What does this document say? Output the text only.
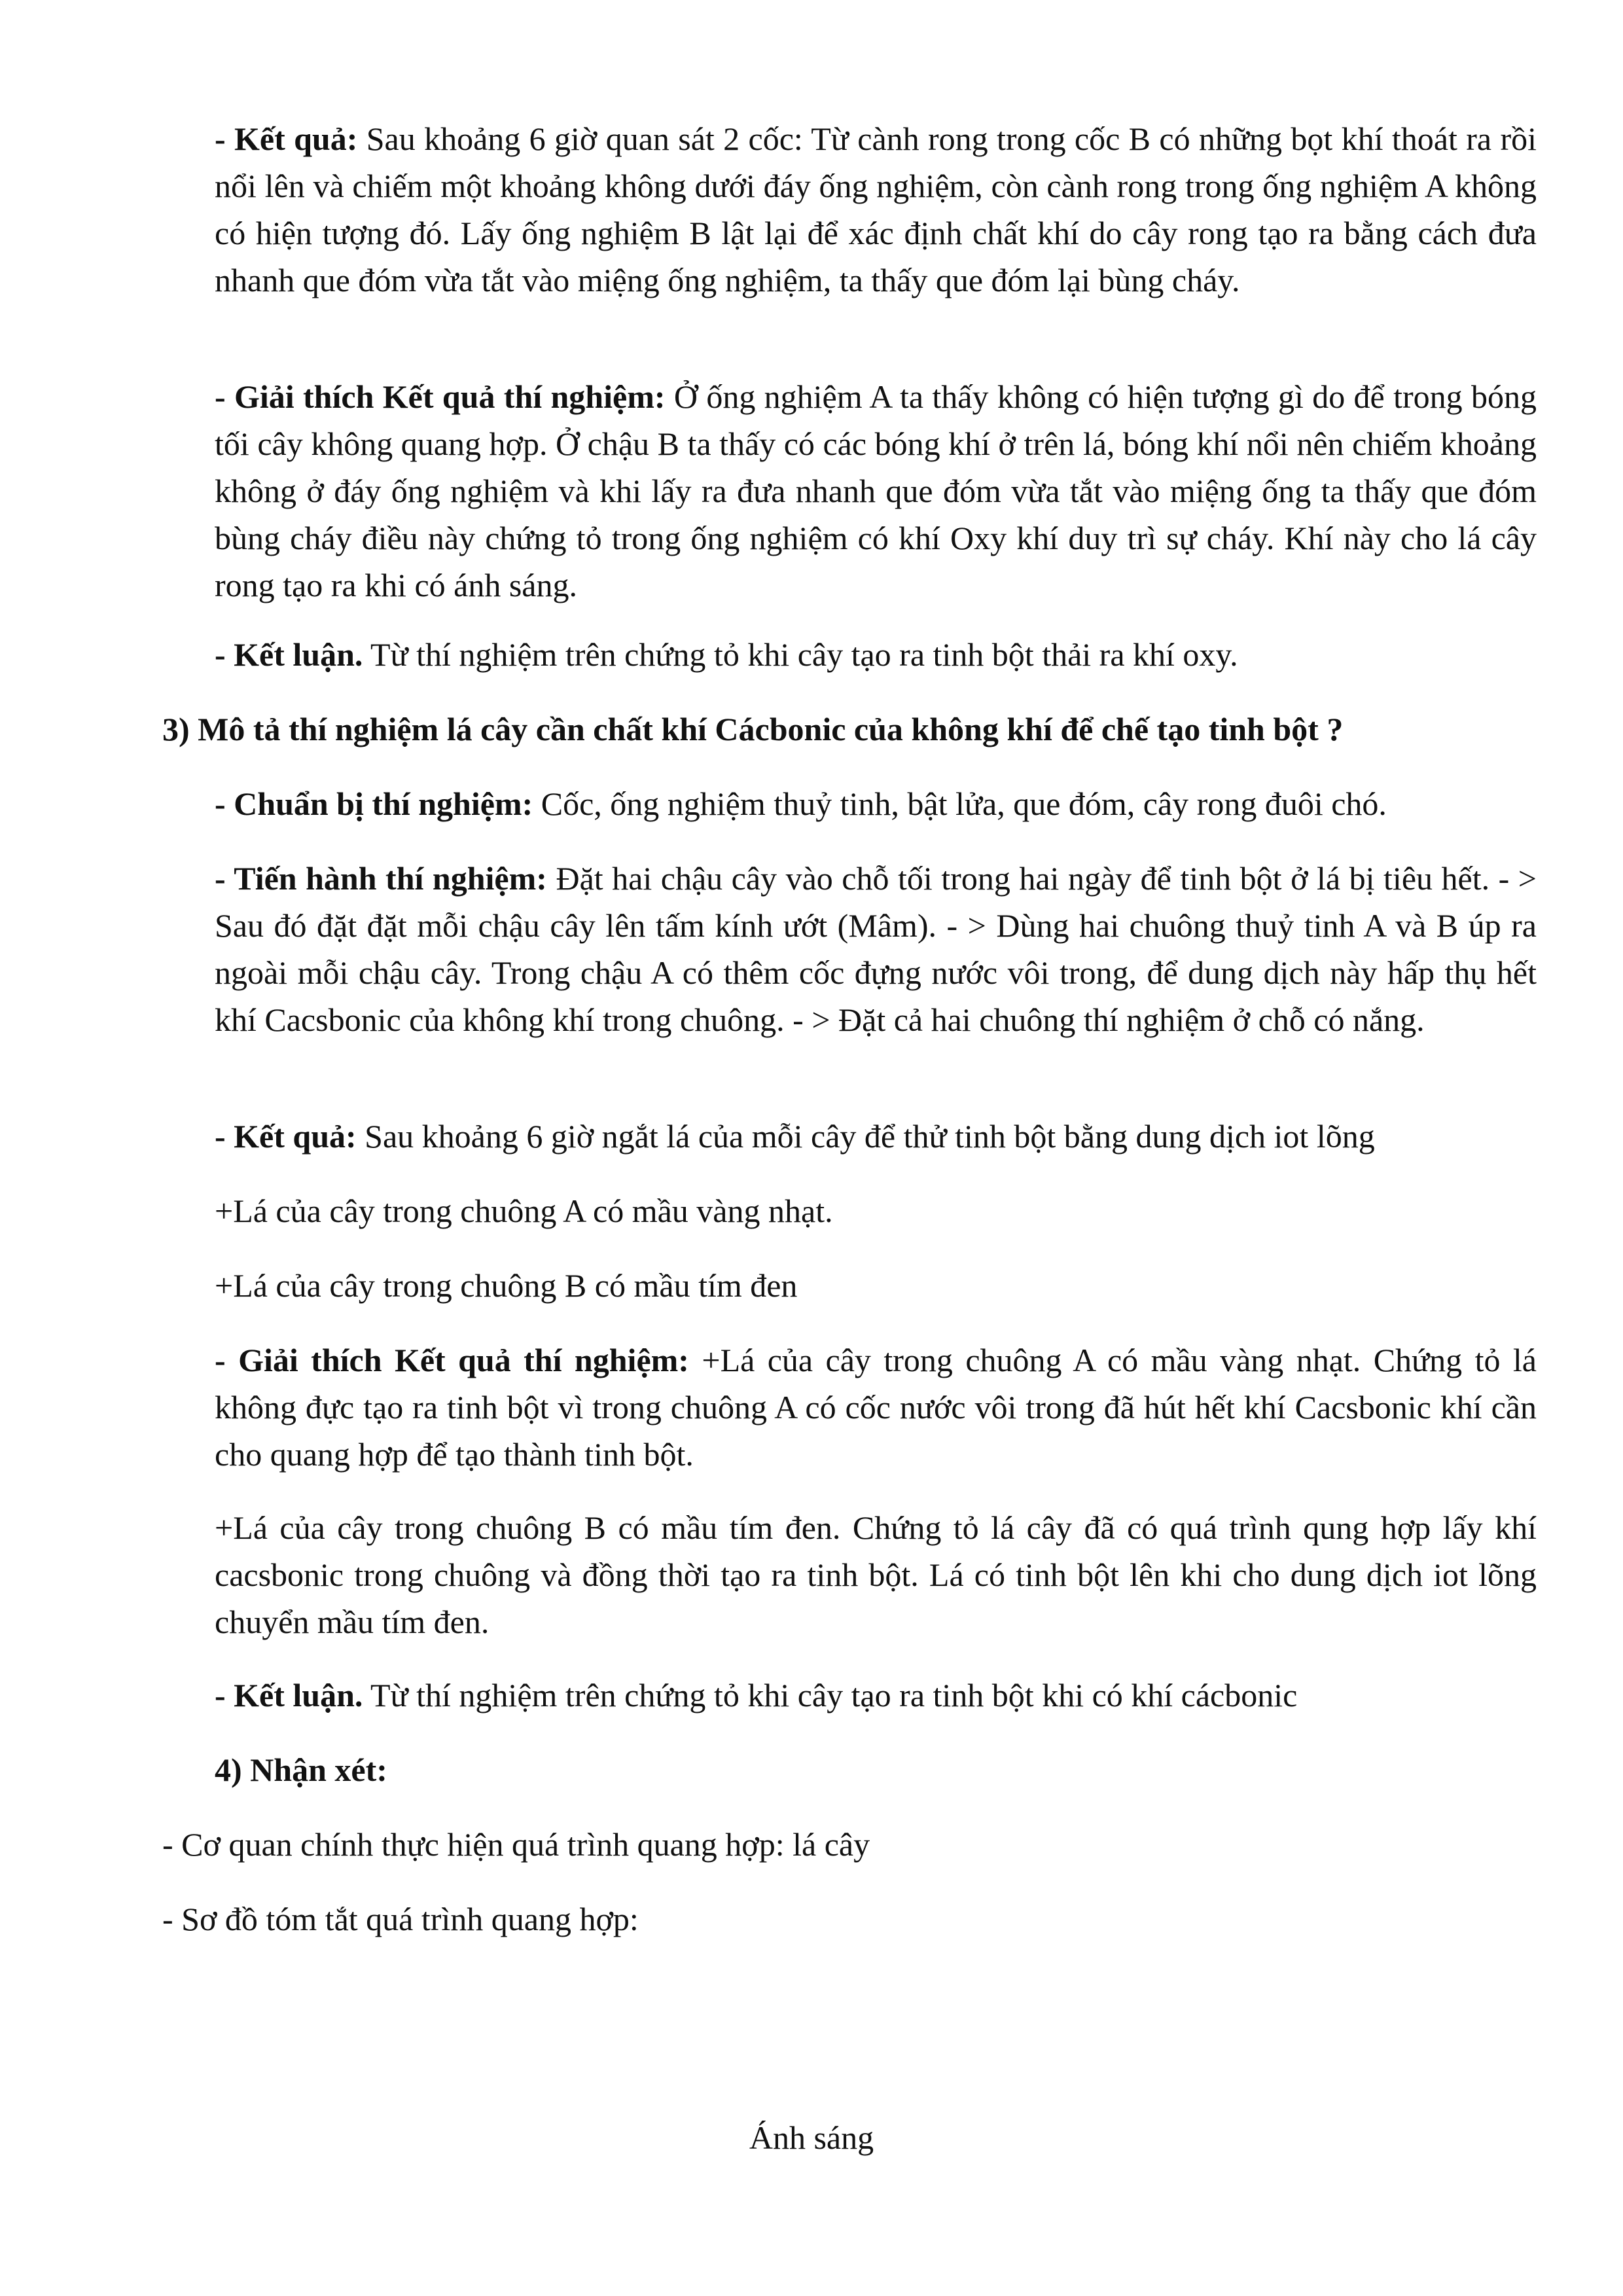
- Kết quả: Sau khoảng 6 giờ quan sát 2 cốc: Từ cành rong trong cốc B có những bọt khí thoát ra rồi nổi lên và chiếm một khoảng không dưới đáy ống nghiệm, còn cành rong trong ống nghiệm A không có hiện tượng đó. Lấy ống nghiệm B lật lại để xác định chất khí do cây rong tạo ra bằng cách đưa nhanh que đóm vừa tắt vào miệng ống nghiệm, ta thấy que đóm lại bùng cháy.

- Giải thích Kết quả thí nghiệm: Ở ống nghiệm A ta thấy không có hiện tượng gì do để trong bóng tối cây không quang hợp. Ở chậu B ta thấy có các bóng khí ở trên lá, bóng khí nổi nên chiếm khoảng không ở đáy ống nghiệm và khi lấy ra đưa nhanh que đóm vừa tắt vào miệng ống ta thấy que đóm bùng cháy điều này chứng tỏ trong ống nghiệm có khí Oxy khí duy trì sự cháy. Khí này cho lá cây rong tạo ra khi có ánh sáng.

- Kết luận. Từ thí nghiệm trên chứng tỏ khi cây tạo ra tinh bột thải ra khí oxy.

3) Mô tả thí nghiệm lá cây cần chất khí Cácbonic của không khí để chế tạo tinh bột ?

- Chuẩn bị thí nghiệm: Cốc, ống nghiệm thuỷ tinh, bật lửa, que đóm, cây rong đuôi chó.

- Tiến hành thí nghiệm: Đặt hai chậu cây vào chỗ tối trong hai ngày để tinh bột ở lá bị tiêu hết. - > Sau đó đặt đặt mỗi chậu cây lên tấm kính ướt (Mâm). - > Dùng hai chuông thuỷ tinh A và B úp ra ngoài mỗi chậu cây. Trong chậu A có thêm cốc đựng nước vôi trong, để dung dịch này hấp thụ hết khí Cacsbonic của không khí trong chuông. - > Đặt cả hai chuông thí nghiệm ở chỗ có nắng.

- Kết quả: Sau khoảng 6 giờ ngắt lá của mỗi cây để thử tinh bột bằng dung dịch iot lõng

+Lá của cây trong chuông A có mầu vàng nhạt.

+Lá của cây trong chuông B có mầu tím đen

- Giải thích Kết quả thí nghiệm: +Lá của cây trong chuông A có mầu vàng nhạt. Chứng tỏ lá không đực tạo ra tinh bột vì trong chuông A có cốc nước vôi trong đã hút hết khí Cacsbonic khí cần cho quang hợp để tạo thành tinh bột.

+Lá của cây trong chuông B có mầu tím đen. Chứng tỏ lá cây đã có quá trình qung hợp lấy khí cacsbonic trong chuông và đồng thời tạo ra tinh bột. Lá có tinh bột lên khi cho dung dịch iot lõng chuyển mầu tím đen.

- Kết luận. Từ thí nghiệm trên chứng tỏ khi cây tạo ra tinh bột khi có khí cácbonic

4) Nhận xét:

- Cơ quan chính thực hiện quá trình quang hợp: lá cây

- Sơ đồ tóm tắt quá trình quang hợp:

Ánh sáng
